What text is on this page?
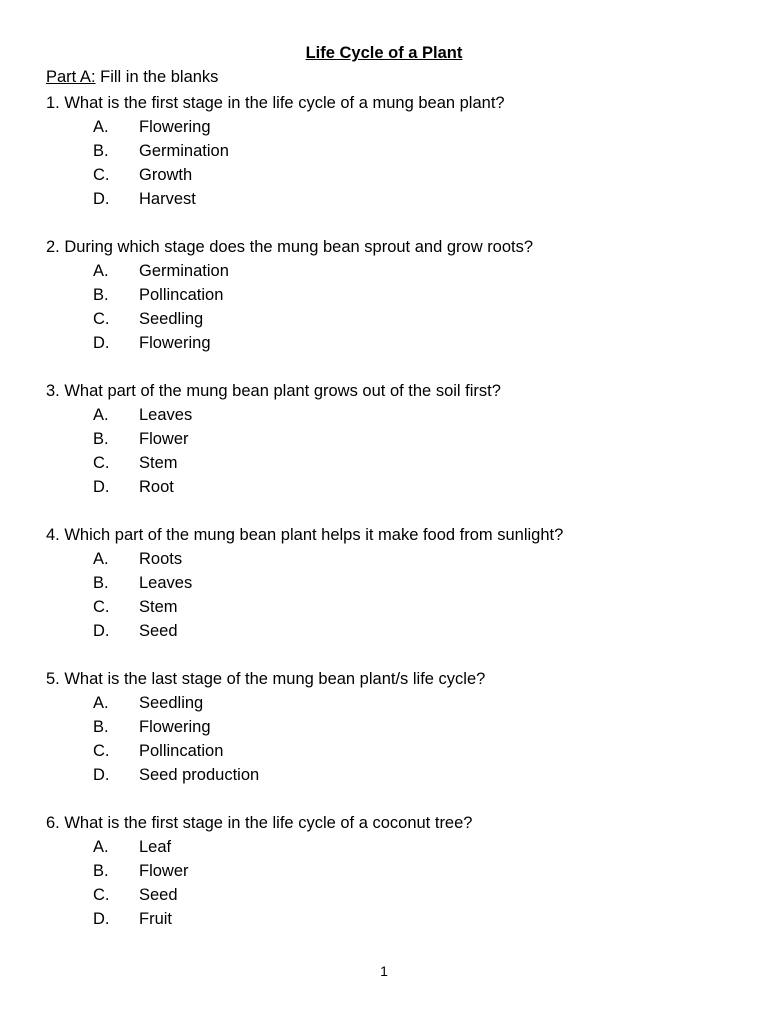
Life Cycle of a Plant
Part A: Fill in the blanks
1. What is the first stage in the life cycle of a mung bean plant?
A. Flowering
B. Germination
C. Growth
D. Harvest
2. During which stage does the mung bean sprout and grow roots?
A. Germination
B. Pollincation
C. Seedling
D. Flowering
3. What part of the mung bean plant grows out of the soil first?
A. Leaves
B. Flower
C. Stem
D. Root
4. Which part of the mung bean plant helps it make food from sunlight?
A. Roots
B. Leaves
C. Stem
D. Seed
5. What is the last stage of the mung bean plant/s life cycle?
A. Seedling
B. Flowering
C. Pollincation
D. Seed production
6. What is the first stage in the life cycle of a coconut tree?
A. Leaf
B. Flower
C. Seed
D. Fruit
1
